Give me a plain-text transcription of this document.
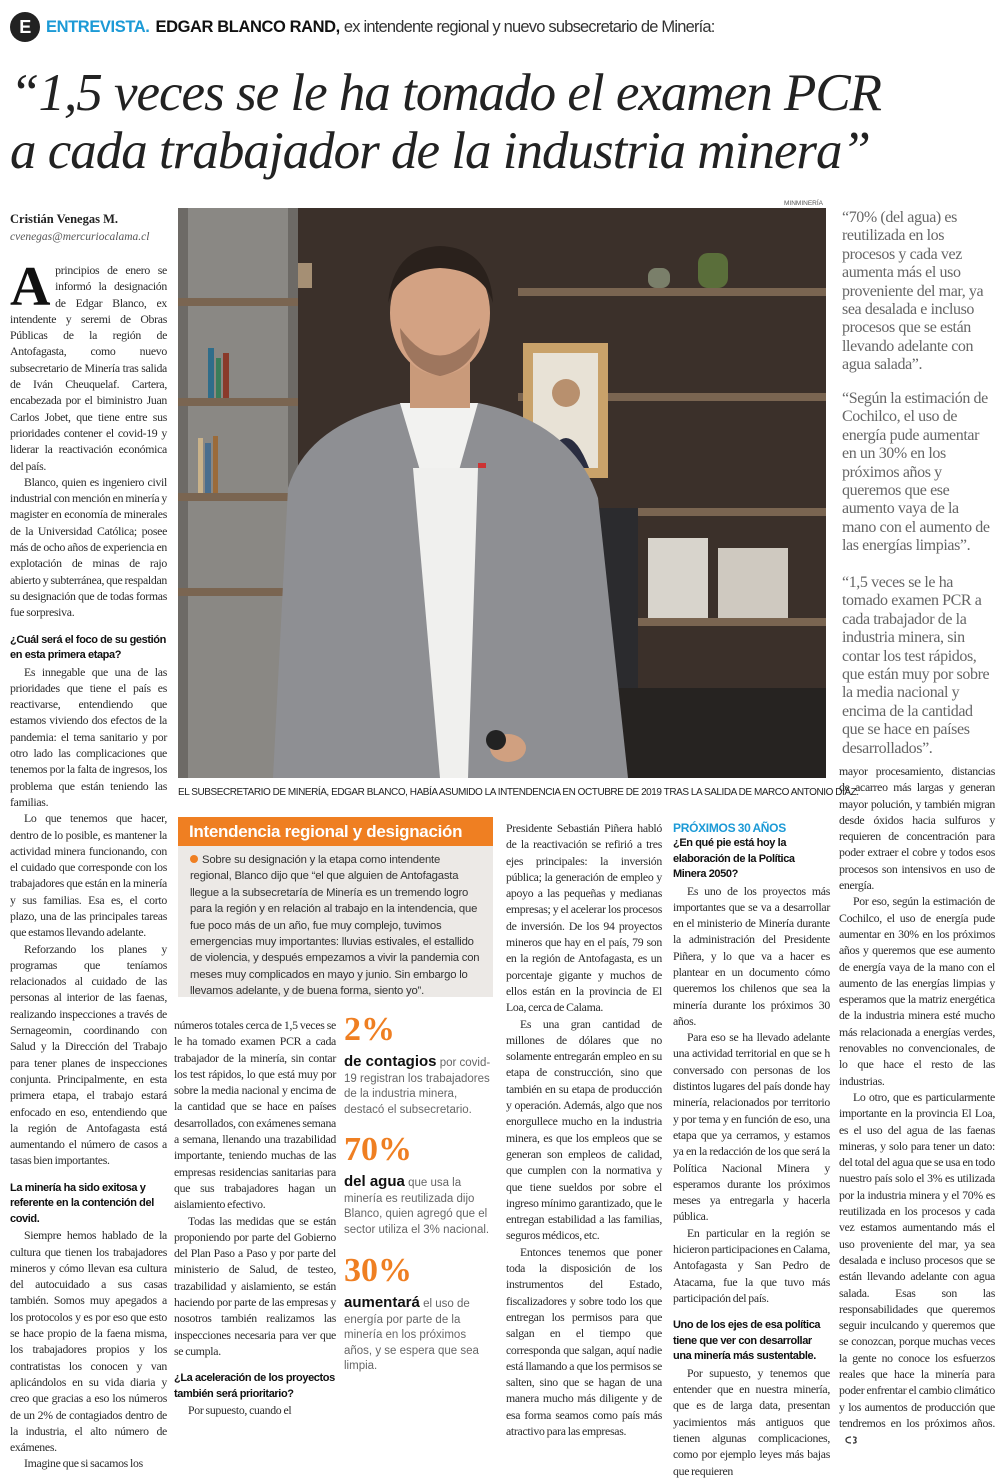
E ENTREVISTA. EDGAR BLANCO RAND, ex intendente regional y nuevo subsecretario de Minería:
“1,5 veces se le ha tomado el examen PCR
a cada trabajador de la industria minera”
Cristián Venegas M.
cvenegas@mercuriocalama.cl

Aprincipios de enero se informó la designación de Edgar Blanco, ex intendente y seremi de Obras Públicas de la región de Antofagasta, como nuevo subsecretario de Minería tras salida de Iván Cheuquelaf. Cartera, encabezada por el biministro Juan Carlos Jobet, que tiene entre sus prioridades contener el covid-19 y liderar la reactivación económica del país.

Blanco, quien es ingeniero civil industrial con mención en minería y magister en economía de minerales de la Universidad Católica; posee más de ocho años de experiencia en explotación de minas de rajo abierto y subterránea, que respaldan su designación que de todas formas fue sorpresiva.

¿Cuál será el foco de su gestión en esta primera etapa?

Es innegable que una de las prioridades que tiene el país es reactivarse, entendiendo que estamos viviendo dos efectos de la pandemia: el tema sanitario y por otro lado las complicaciones que tenemos por la falta de ingresos, los problema que están teniendo las familias.

Lo que tenemos que hacer, dentro de lo posible, es mantener la actividad minera funcionando, con el cuidado que corresponde con los trabajadores que están en la minería y sus familias. Esa es, el corto plazo, una de las principales tareas que estamos llevando adelante.

Reforzando los planes y programas que teníamos relacionados al cuidado de las personas al interior de las faenas, realizando inspecciones a través de Sernageomin, coordinando con Salud y la Dirección del Trabajo para tener planes de inspecciones conjunta. Principalmente, en esta primera etapa, el trabajo estará enfocado en eso, entendiendo que la región de Antofagasta está aumentando el número de casos a tasas bien importantes.

La minería ha sido exitosa y referente en la contención del covid.

Siempre hemos hablado de la cultura que tienen los trabajadores mineros y cómo llevan esa cultura del autocuidado a sus casas también. Somos muy apegados a los protocolos y es por eso que esto se hace propio de la faena misma, los trabajadores propios y los contratistas los conocen y van aplicándolos en su vida diaria y creo que gracias a eso los números de un 2% de contagiados dentro de la industria, el alto número de exámenes.

Imagine que si sacamos los

MINMINERÍA
EL SUBSECRETARIO DE MINERÍA, EDGAR BLANCO, HABÍA ASUMIDO LA INTENDENCIA EN OCTUBRE DE 2019 TRAS LA SALIDA DE MARCO ANTONIO DÍAZ.
Intendencia regional y designación
Sobre su designación y la etapa como intendente regional, Blanco dijo que “el que alguien de Antofagasta llegue a la subsecretaría de Minería es un tremendo logro para la región y en relación al trabajo en la intendencia, que fue poco más de un año, fue muy complejo, tuvimos emergencias muy importantes: lluvias estivales, el estallido de violencia, y después empezamos a vivir la pandemia con meses muy complicados en mayo y junio. Sin embargo lo llevamos adelante, y de buena forma, siento yo”.

números totales cerca de 1,5 veces se le ha tomado examen PCR a cada trabajador de la minería, sin contar los test rápidos, lo que está muy por sobre la media nacional y encima de la cantidad que se hace en países desarrollados, con exámenes semana a semana, llenando una trazabilidad importante, teniendo muchas de las empresas residencias sanitarias para que sus trabajadores hagan un aislamiento efectivo.

Todas las medidas que se están proponiendo por parte del Gobierno del Plan Paso a Paso y por parte del ministerio de Salud, de testeo, trazabilidad y aislamiento, se están haciendo por parte de las empresas y nosotros también realizamos las inspecciones necesaria para ver que se cumpla.

¿La aceleración de los proyectos también será prioritario?

Por supuesto, cuando el

2%
de contagios por covid-19 registran los trabajadores de la industria minera, destacó el subsecretario.
70%
del agua que usa la minería es reutilizada dijo Blanco, quien agregó que el sector utiliza el 3% nacional.
30%
aumentará el uso de energía por parte de la minería en los próximos años, y se espera que sea limpia.

Presidente Sebastián Piñera habló de la reactivación se refirió a tres ejes principales: la inversión pública; la generación de empleo y apoyo a las pequeñas y medianas empresas; y el acelerar los procesos de inversión. De los 94 proyectos mineros que hay en el país, 79 son en la región de Antofagasta, es un porcentaje gigante y muchos de ellos están en la provincia de El Loa, cerca de Calama.

Es una gran cantidad de millones de dólares que no solamente entregarán empleo en su etapa de construcción, sino que también en su etapa de producción y operación. Además, algo que nos enorgullece mucho en la industria minera, es que los empleos que se generan son empleos de calidad, que cumplen con la normativa y que tiene sueldos por sobre el ingreso mínimo garantizado, que le entregan estabilidad a las familias, seguros médicos, etc.

Entonces tenemos que poner toda la disposición de los instrumentos del Estado, fiscalizadores y sobre todo los que entregan los permisos para que salgan en el tiempo que corresponda que salgan, aquí nadie está llamando a que los permisos se salten, sino que se hagan de una manera mucho más diligente y de esa forma seamos como país más atractivo para las empresas.

PRÓXIMOS 30 AÑOS
¿En qué pie está hoy la elaboración de la Política Minera 2050?

Es uno de los proyectos más importantes que se va a desarrollar en el ministerio de Minería durante la administración del Presidente Piñera, y lo que va a hacer es plantear en un documento cómo queremos los chilenos que sea la minería durante los próximos 30 años.

Para eso se ha llevado adelante una actividad territorial en que se h conversado con personas de los distintos lugares del país donde hay minería, relacionados por territorio y por tema y en función de eso, una etapa que ya cerramos, y estamos ya en la redacción de los que será la Política Nacional Minera y esperamos durante los próximos meses ya entregarla y hacerla pública.

En particular en la región se hicieron participaciones en Calama, Antofagasta y San Pedro de Atacama, fue la que tuvo más participación del país.

Uno de los ejes de esa política tiene que ver con desarrollar una minería más sustentable.

Por supuesto, y tenemos que entender que en nuestra minería, que es de larga data, presentan yacimientos más antiguos que tienen algunas complicaciones, como por ejemplo leyes más bajas que requieren

mayor procesamiento, distancias de acarreo más largas y generan mayor polución, y también migran desde óxidos hacia sulfuros y requieren de concentración para poder extraer el cobre y todos esos procesos son intensivos en uso de energía.

Por eso, según la estimación de Cochilco, el uso de energía pude aumentar en 30% en los próximos años y queremos que ese aumento de energía vaya de la mano con el aumento de las energías limpias y esperamos que la matriz energética de la industria minera esté mucho más relacionada a energías verdes, renovables no convencionales, de lo que hace el resto de las industrias.

Lo otro, que es particularmente importante en la provincia El Loa, es el uso del agua de las faenas mineras, y solo para tener un dato: del total del agua que se usa en todo nuestro país solo el 3% es utilizada por la industria minera y el 70% es reutilizada en los procesos y cada vez estamos aumentando más el uso proveniente del mar, ya sea desalada e incluso procesos que se están llevando adelante con agua salada. Esas son las responsabilidades que queremos seguir inculcando y queremos que se conozcan, porque muchas veces la gente no conoce los esfuerzos reales que hace la minería para poder enfrentar el cambio climático y los aumentos de producción que tendremos en los próximos años.

“70% (del agua) es reutilizada en los procesos y cada vez aumenta más el uso proveniente del mar, ya sea desalada e incluso procesos que se están llevando adelante con agua salada”.
“Según la estimación de Cochilco, el uso de energía pude aumentar en un 30% en los próximos años y queremos que ese aumento vaya de la mano con el aumento de las energías limpias”.
“1,5 veces se le ha tomado examen PCR a cada trabajador de la industria minera, sin contar los test rápidos, que están muy por sobre la media nacional y encima de la cantidad que se hace en países desarrollados”.
